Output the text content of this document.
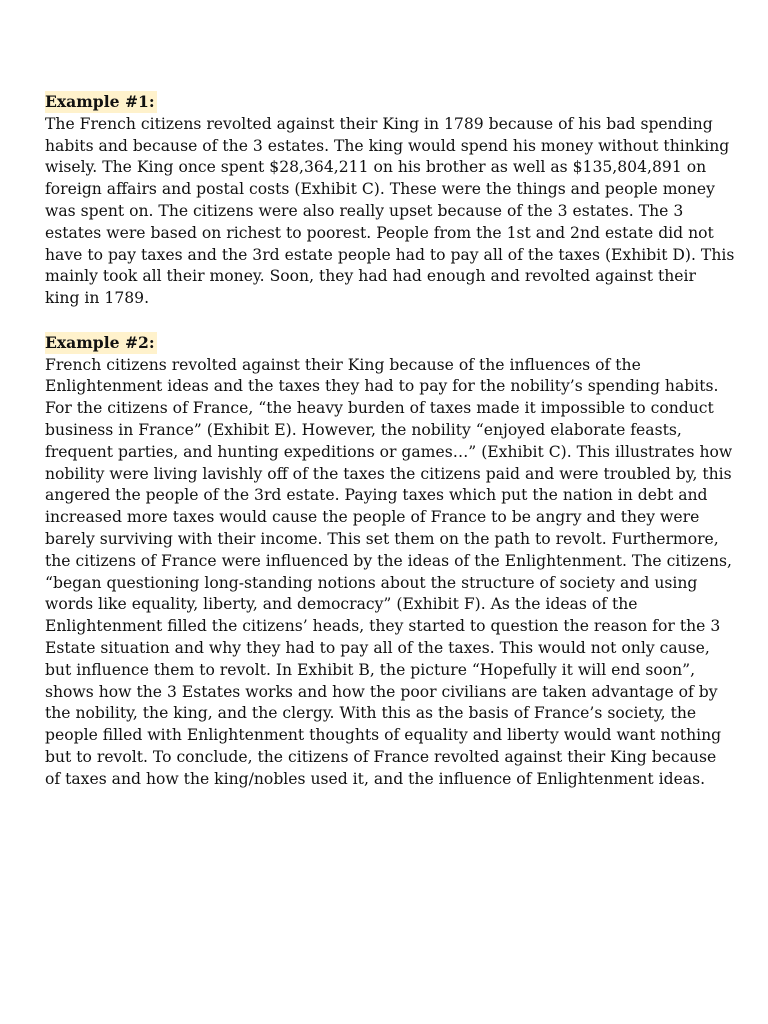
Example #1:

The French citizens revolted against their King in 1789 because of his bad spending habits and because of the 3 estates. The king would spend his money without thinking wisely. The King once spent $28,364,211 on his brother as well as $135,804,891 on foreign affairs and postal costs (Exhibit C). These were the things and people money was spent on. The citizens were also really upset because of the 3 estates. The 3 estates were based on richest to poorest. People from the 1st and 2nd estate did not have to pay taxes and the 3rd estate people had to pay all of the taxes (Exhibit D). This mainly took all their money. Soon, they had had enough and revolted against their king in 1789.

Example #2:

French citizens revolted against their King because of the influences of the Enlightenment ideas and the taxes they had to pay for the nobility’s spending habits. For the citizens of France, “the heavy burden of taxes made it impossible to conduct business in France” (Exhibit E). However, the nobility “enjoyed elaborate feasts, frequent parties, and hunting expeditions or games…” (Exhibit C). This illustrates how nobility were living lavishly off of the taxes the citizens paid and were troubled by, this angered the people of the 3rd estate. Paying taxes which put the nation in debt and increased more taxes would cause the people of France to be angry and they were barely surviving with their income. This set them on the path to revolt. Furthermore, the citizens of France were influenced by the ideas of the Enlightenment. The citizens, “began questioning long-standing notions about the structure of society and using words like equality, liberty, and democracy” (Exhibit F). As the ideas of the Enlightenment filled the citizens’ heads, they started to question the reason for the 3 Estate situation and why they had to pay all of the taxes. This would not only cause, but influence them to revolt. In Exhibit B, the picture “Hopefully it will end soon”, shows how the 3 Estates works and how the poor civilians are taken advantage of by the nobility, the king, and the clergy. With this as the basis of France’s society, the people filled with Enlightenment thoughts of equality and liberty would want nothing but to revolt. To conclude, the citizens of France revolted against their King because of taxes and how the king/nobles used it, and the influence of Enlightenment ideas.
